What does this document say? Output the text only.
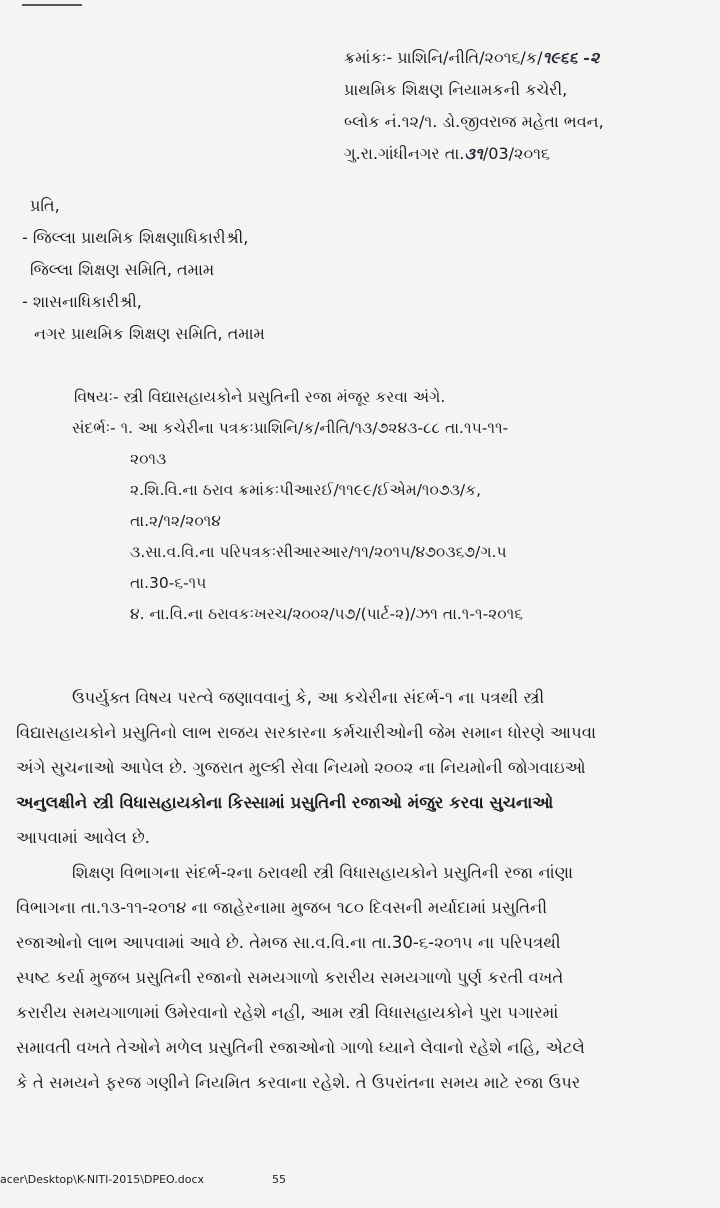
ક્રમાંકઃ- પ્રાશિનિ/નીતિ/૨૦૧૬/ક/૧૯૬૬ -૨
પ્રાથમિક શિક્ષણ નિયામકની કચેરી,
બ્લોક નં.૧૨/૧. ડો.જીવરાજ મહેતા ભવન,
ગુ.રા.ગાંધીનગર તા.૩૧/03/૨૦૧૬
પ્રતિ,
- જિલ્લા પ્રાથમિક શિક્ષણાધિકારીશ્રી,
જિલ્લા શિક્ષણ સમિતિ, તમામ
- શાસનાધિકારીશ્રી,
નગર પ્રાથમિક શિક્ષણ સમિતિ, તમામ
વિષયઃ- સ્ત્રી વિદ્યાસહાયકોને પ્રસુતિની રજા મંજૂર કરવા અંગે.
સંદર્ભઃ- ૧. આ કચેરીના પત્રકઃપ્રાશિનિ/ક/નીતિ/૧૩/૭૨૪૩-૮૮ તા.૧૫-૧૧-
૨૦૧૩
૨.શિ.વિ.ના ઠરાવ ક્રમાંકઃપીઆરઈ/૧૧૯૯/ઈએમ/૧૦૭૩/ક,
તા.૨/૧૨/૨૦૧૪
૩.સા.વ.વિ.ના પરિપત્રકઃસીઆરઆર/૧૧/૨૦૧૫/૪૭૦૩૬૭/ગ.પ
તા.30-૬-૧૫
૪. ના.વિ.ના ઠરાવકઃખરચ/૨૦૦૨/૫૭/(પાર્ટ-૨)/ઝ૧ તા.૧-૧-૨૦૧૬

ઉપર્યુક્ત વિષય પરત્વે જણાવવાનું કે, આ કચેરીના સંદર્ભ-૧ ના પત્રથી સ્ત્રી
વિદ્યાસહાયકોને પ્રસુતિનો લાભ રાજય સરકારના કર્મચારીઓની જેમ સમાન ધોરણે આપવા
અંગે સુચનાઓ આપેલ છે. ગુજરાત મુલ્કી સેવા નિયમો ૨૦૦૨ ના નિયમોની જોગવાઇઓ
અનુલક્ષીને સ્ત્રી વિધાસહાયકોના કિસ્સામાં પ્રસુતિની રજાઓ મંજુર કરવા સુચનાઓ
આપવામાં આવેલ છે.

શિક્ષણ વિભાગના સંદર્ભ-૨ના ઠરાવથી સ્ત્રી વિધાસહાયકોને પ્રસુતિની રજા નાંણા
વિભાગના તા.૧૩-૧૧-૨૦૧૪ ના જાહેરનામા મુજબ ૧૮૦ દિવસની મર્યાદામાં પ્રસુતિની
રજાઓનો લાભ આપવામાં આવે છે. તેમજ સા.વ.વિ.ના તા.30-૬-૨૦૧૫ ના પરિપત્રથી
સ્પષ્ટ કર્યા મુજબ પ્રસુતિની રજાનો સમયગાળો કરારીય સમયગાળો પુર્ણ કરતી વખતે
કરારીય સમયગાળામાં ઉમેરવાનો રહેશે નહી, આમ સ્ત્રી વિધાસહાયકોને પુરા પગારમાં
સમાવતી વખતે તેઓને મળેલ પ્રસુતિની રજાઓનો ગાળો ધ્યાને લેવાનો રહેશે નહિ, એટલે
કે તે સમયને ફરજ ગણીને નિયમિત કરવાના રહેશે. તે ઉપરાંતના સમય માટે રજા ઉપર

acer\Desktop\K-NITI-2015\DPEO.docx	55
